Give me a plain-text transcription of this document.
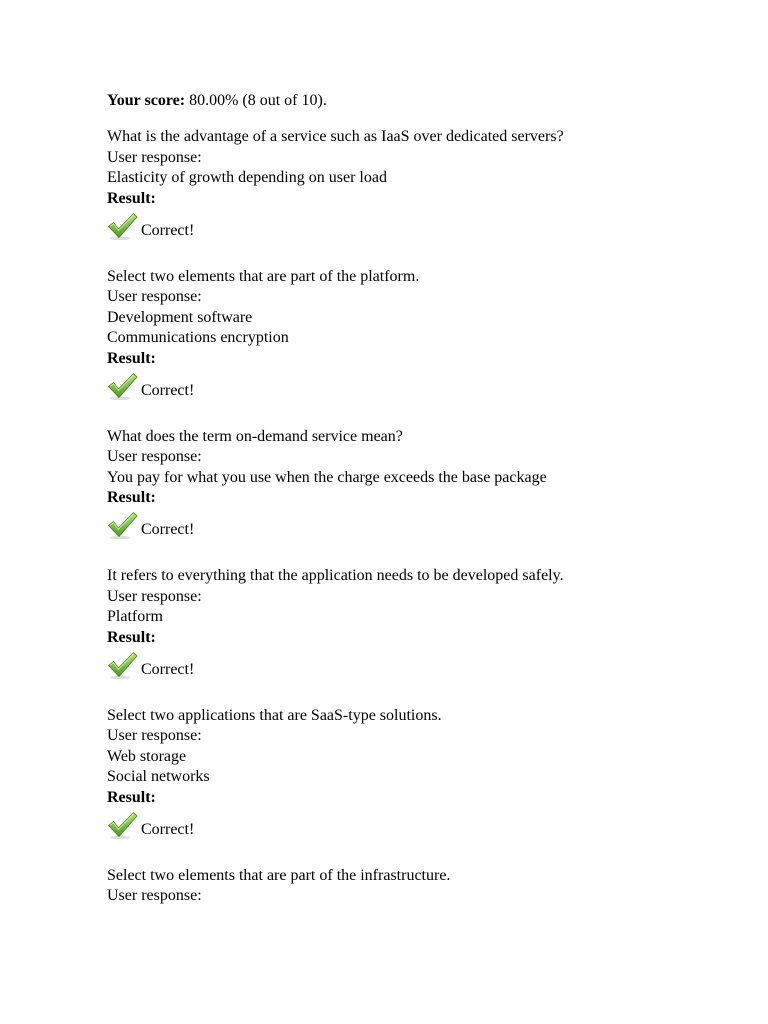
Your score: 80.00% (8 out of 10).
What is the advantage of a service such as IaaS over dedicated servers?
User response:
Elasticity of growth depending on user load
Result:
Correct!
Select two elements that are part of the platform.
User response:
Development software
Communications encryption
Result:
Correct!
What does the term on-demand service mean?
User response:
You pay for what you use when the charge exceeds the base package
Result:
Correct!
It refers to everything that the application needs to be developed safely.
User response:
Platform
Result:
Correct!
Select two applications that are SaaS-type solutions.
User response:
Web storage
Social networks
Result:
Correct!
Select two elements that are part of the infrastructure.
User response:
